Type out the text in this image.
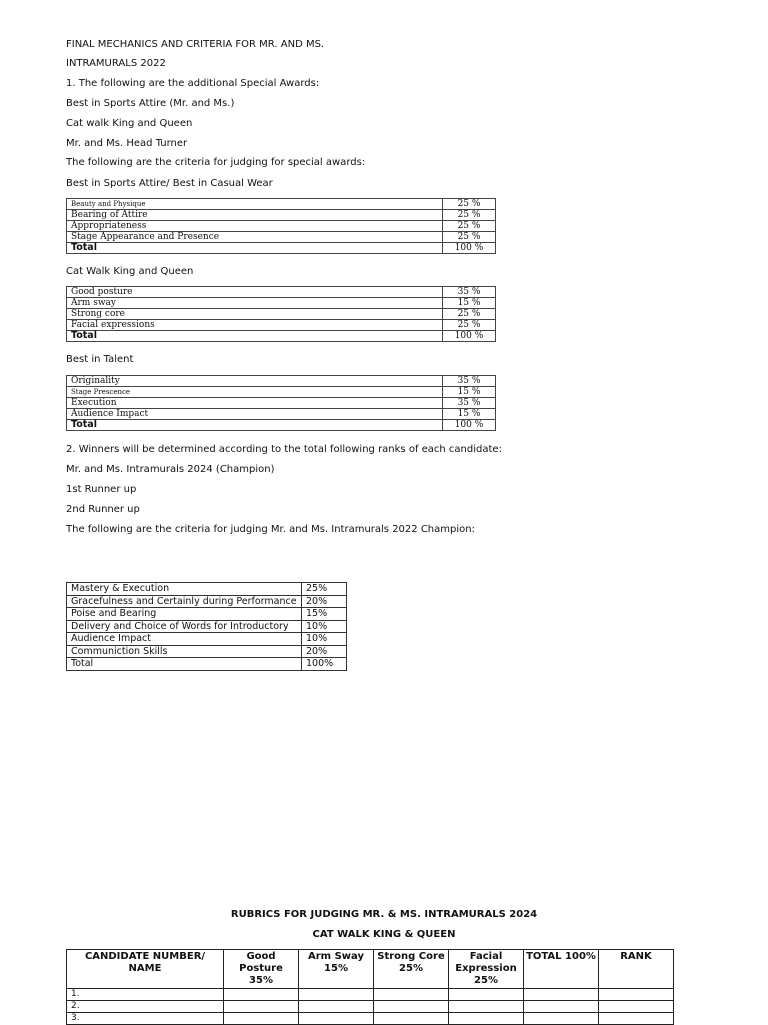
FINAL MECHANICS AND CRITERIA FOR MR. AND MS.
INTRAMURALS 2022
1. The following are the additional Special Awards:
Best in Sports Attire (Mr. and Ms.)
Cat walk King and Queen
Mr. and Ms. Head Turner
The following are the criteria for judging for special awards:
Best in Sports Attire/ Best in Casual Wear
Beauty and Physique	25 %
Bearing of Attire	25 %
Appropriateness	25 %
Stage Appearance and Presence	25 %
Total	100 %
Cat Walk King and Queen
Good posture	35 %
Arm sway	15 %
Strong core	25 %
Facial expressions	25 %
Total	100 %
Best in Talent
Originality	35 %
Stage Prescence	15 %
Execution	35 %
Audience Impact	15 %
Total	100 %
2. Winners will be determined according to the total following ranks of each candidate:
Mr. and Ms. Intramurals 2024 (Champion)
1st Runner up
2nd Runner up
The following are the criteria for judging Mr. and Ms. Intramurals 2022 Champion:
Mastery & Execution	25%
Gracefulness and Certainly during Performance	20%
Poise and Bearing	15%
Delivery and Choice of Words for Introductory	10%
Audience Impact	10%
Communiction Skills	20%
Total	100%
RUBRICS FOR JUDGING MR. & MS. INTRAMURALS 2024
CAT WALK KING & QUEEN
CANDIDATE NUMBER/ NAME	Good Posture 35%	Arm Sway 15%	Strong Core 25%	Facial Expression 25%	TOTAL 100%	RANK
1.						
2.						
3.						
